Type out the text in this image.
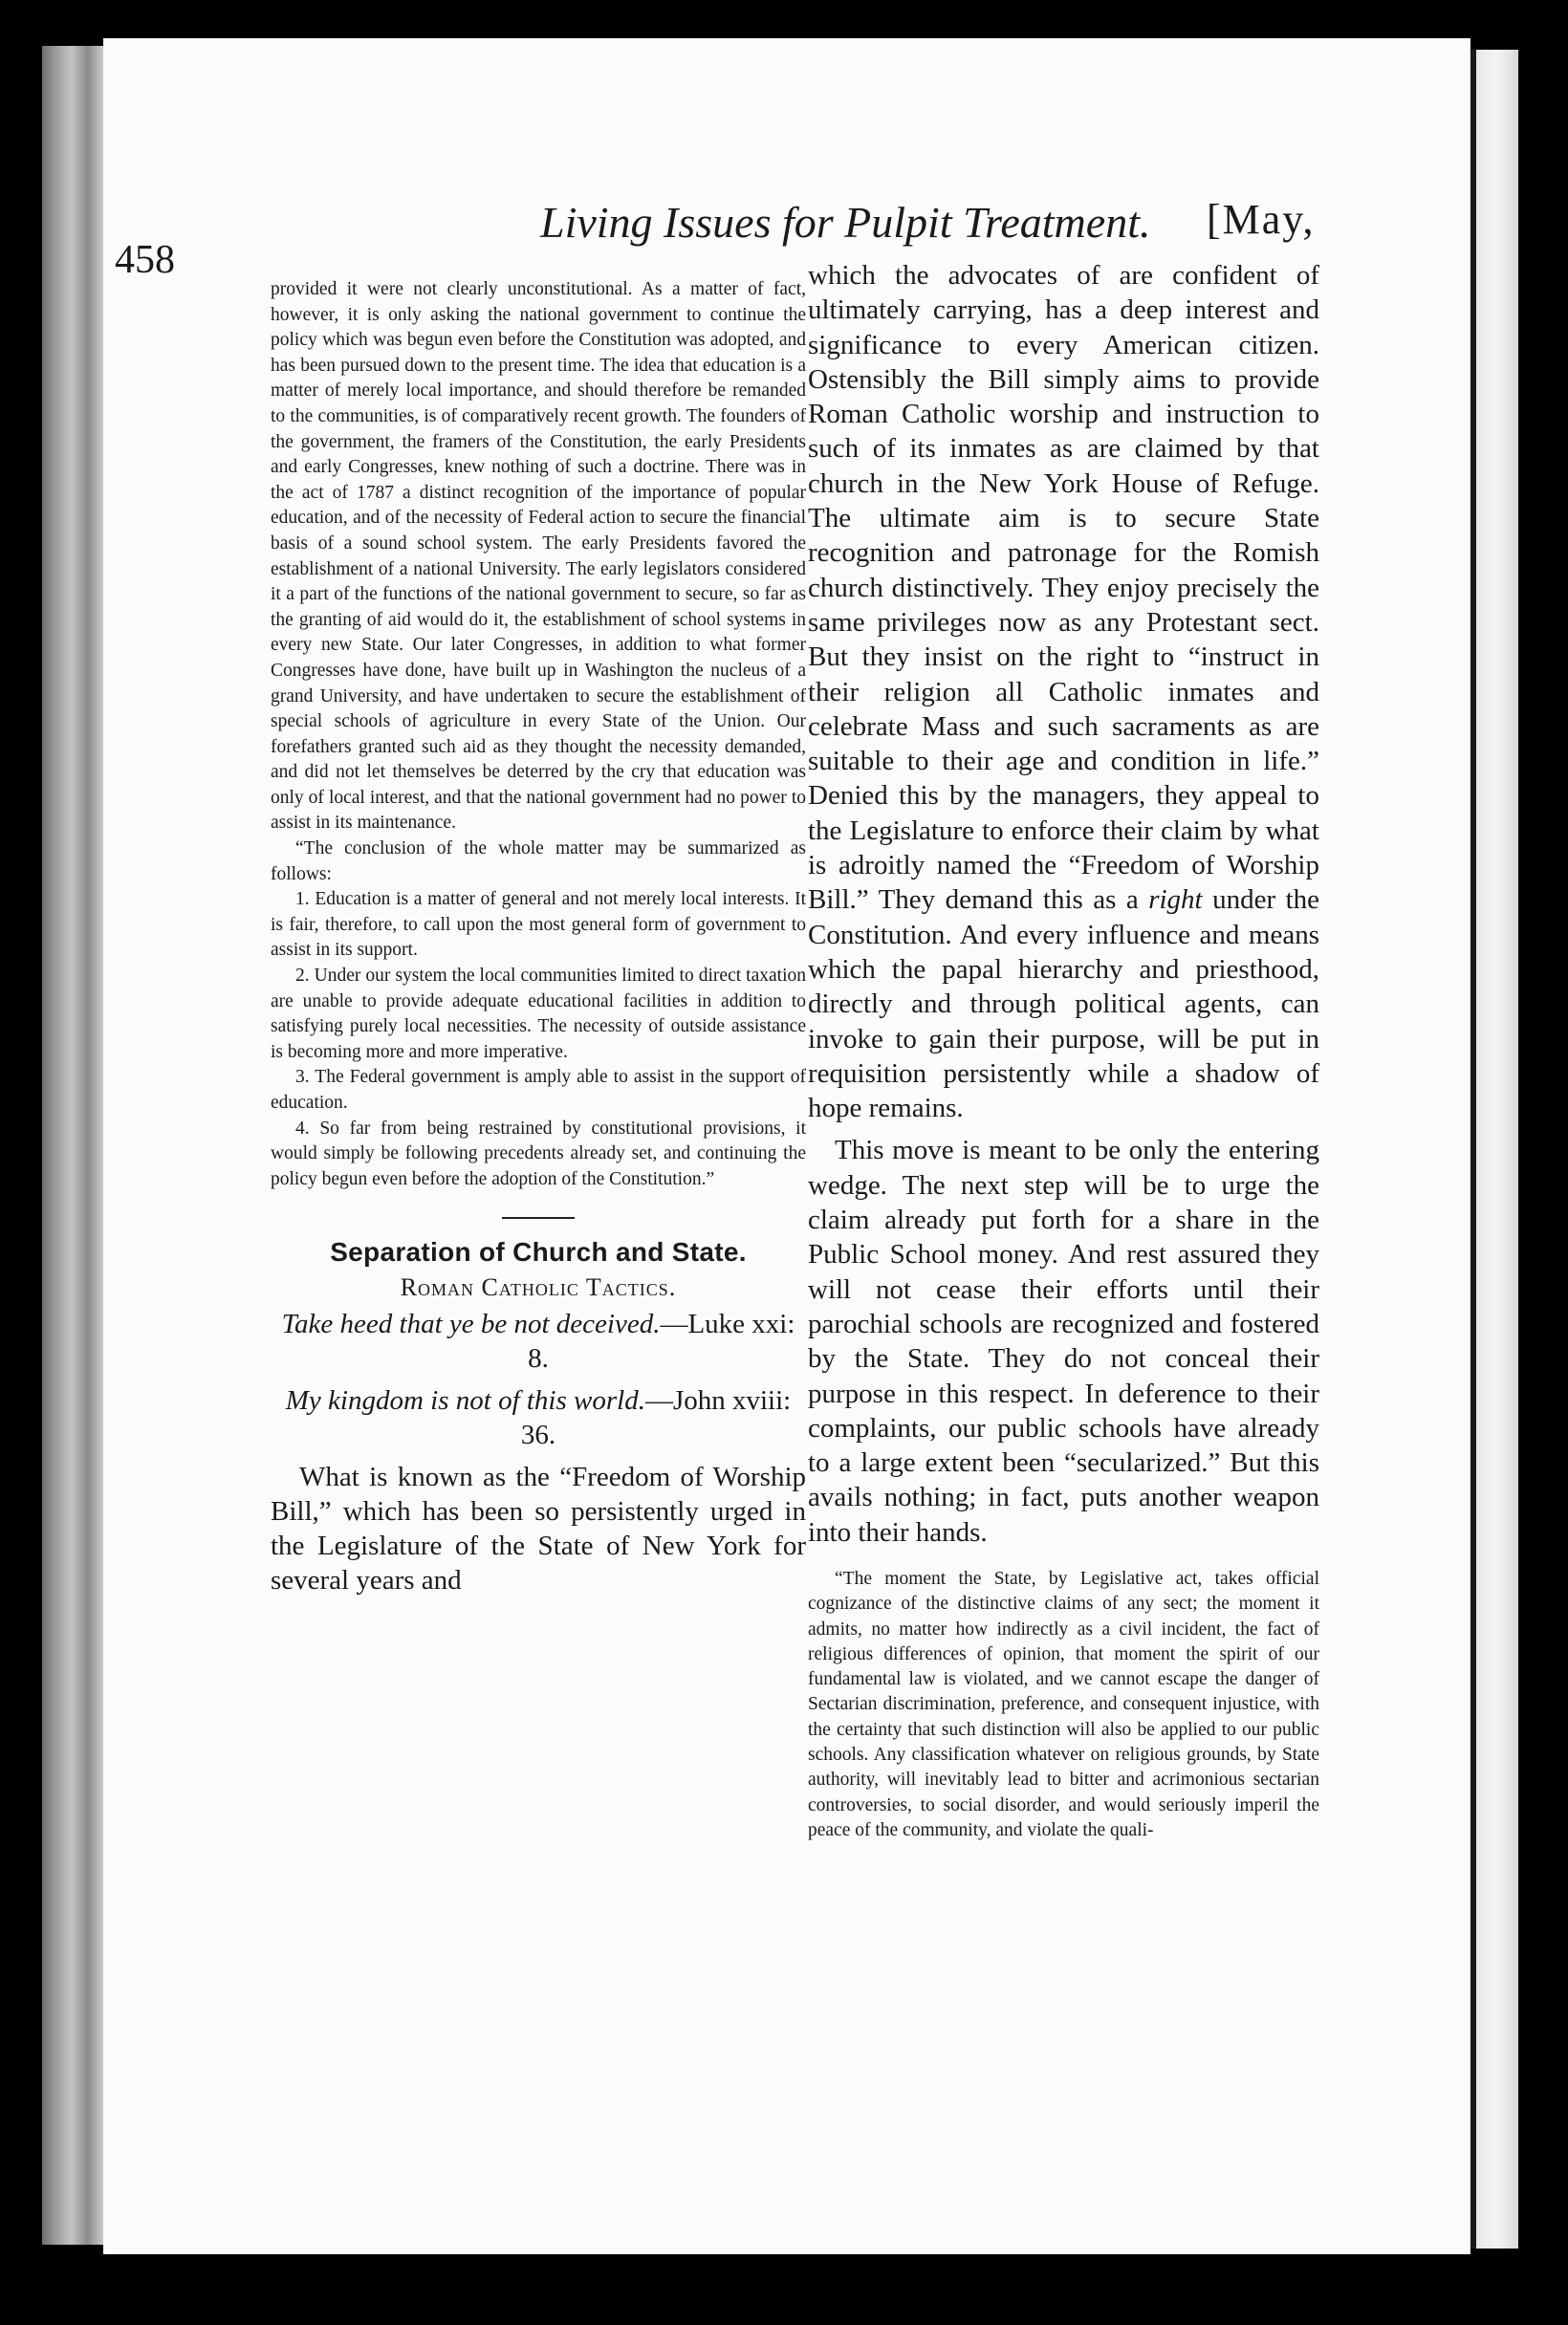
458
Living Issues for Pulpit Treatment. [May,

provided it were not clearly unconstitutional. As a matter of fact, however, it is only asking the national government to continue the policy which was begun even before the Constitution was adopted, and has been pursued down to the present time. The idea that education is a matter of merely local importance, and should therefore be remanded to the communities, is of comparatively recent growth. The founders of the government, the framers of the Constitution, the early Presidents and early Congresses, knew nothing of such a doctrine. There was in the act of 1787 a distinct recognition of the importance of popular education, and of the necessity of Federal action to secure the financial basis of a sound school system. The early Presidents favored the establishment of a national University. The early legislators considered it a part of the functions of the national government to secure, so far as the granting of aid would do it, the establishment of school systems in every new State. Our later Congresses, in addition to what former Congresses have done, have built up in Washington the nucleus of a grand University, and have undertaken to secure the establishment of special schools of agriculture in every State of the Union. Our forefathers granted such aid as they thought the necessity demanded, and did not let themselves be deterred by the cry that education was only of local interest, and that the national government had no power to assist in its maintenance.

“The conclusion of the whole matter may be summarized as follows:

1. Education is a matter of general and not merely local interests. It is fair, therefore, to call upon the most general form of government to assist in its support.

2. Under our system the local communities limited to direct taxation are unable to provide adequate educational facilities in addition to satisfying purely local necessities. The necessity of outside assistance is becoming more and more imperative.

3. The Federal government is amply able to assist in the support of education.

4. So far from being restrained by constitutional provisions, it would simply be following precedents already set, and continuing the policy begun even before the adoption of the Constitution.”

Separation of Church and State.
Roman Catholic Tactics.
Take heed that ye be not deceived.—Luke xxi: 8.
My kingdom is not of this world.—John xviii: 36.

What is known as the “Freedom of Worship Bill,” which has been so persistently urged in the Legislature of the State of New York for several years and

which the advocates of are confident of ultimately carrying, has a deep interest and significance to every American citizen. Ostensibly the Bill simply aims to provide Roman Catholic worship and instruction to such of its inmates as are claimed by that church in the New York House of Refuge. The ultimate aim is to secure State recognition and patronage for the Romish church distinctively. They enjoy precisely the same privileges now as any Protestant sect. But they insist on the right to “instruct in their religion all Catholic inmates and celebrate Mass and such sacraments as are suitable to their age and condition in life.” Denied this by the managers, they appeal to the Legislature to enforce their claim by what is adroitly named the “Freedom of Worship Bill.” They demand this as a right under the Constitution. And every influence and means which the papal hierarchy and priesthood, directly and through political agents, can invoke to gain their purpose, will be put in requisition persistently while a shadow of hope remains.

This move is meant to be only the entering wedge. The next step will be to urge the claim already put forth for a share in the Public School money. And rest assured they will not cease their efforts until their parochial schools are recognized and fostered by the State. They do not conceal their purpose in this respect. In deference to their complaints, our public schools have already to a large extent been “secularized.” But this avails nothing; in fact, puts another weapon into their hands.

“The moment the State, by Legislative act, takes official cognizance of the distinctive claims of any sect; the moment it admits, no matter how indirectly as a civil incident, the fact of religious differences of opinion, that moment the spirit of our fundamental law is violated, and we cannot escape the danger of Sectarian discrimination, preference, and consequent injustice, with the certainty that such distinction will also be applied to our public schools. Any classification whatever on religious grounds, by State authority, will inevitably lead to bitter and acrimonious sectarian controversies, to social disorder, and would seriously imperil the peace of the community, and violate the quali-
